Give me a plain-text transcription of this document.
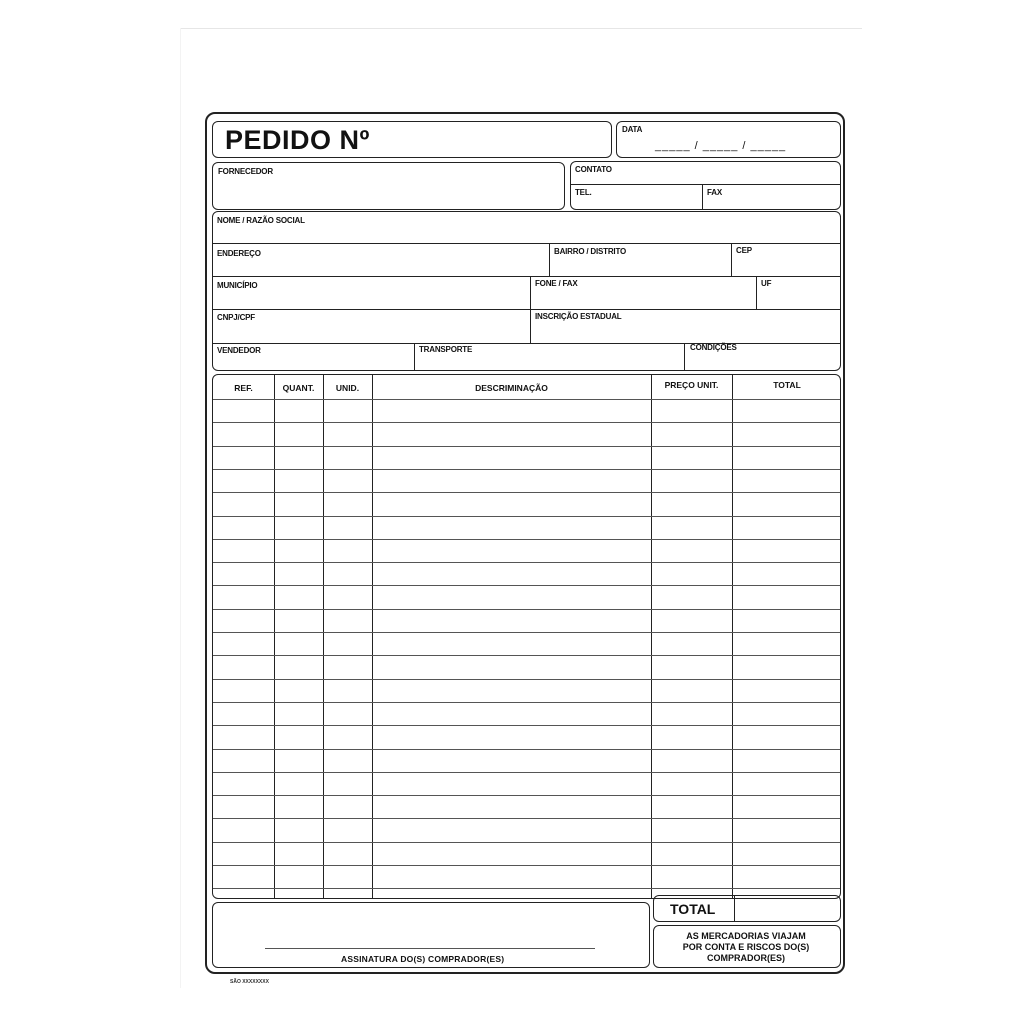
PEDIDO Nº	DATA
_____ / _____ / _____
FORNECEDOR	CONTATO
TEL.	FAX
NOME / RAZÃO SOCIAL
ENDEREÇO	BAIRRO / DISTRITO	CEP
MUNICÍPIO	FONE / FAX	UF
CNPJ/CPF	INSCRIÇÃO ESTADUAL
VENDEDOR	TRANSPORTE	CONDIÇÕES
REF.	QUANT.	UNID.	DESCRIMINAÇÃO	PREÇO UNIT.	TOTAL
TOTAL
ASSINATURA DO(S) COMPRADOR(ES)
AS MERCADORIAS VIAJAM
POR CONTA E RISCOS DO(S)
COMPRADOR(ES)
SÃO XXXXXXXX
